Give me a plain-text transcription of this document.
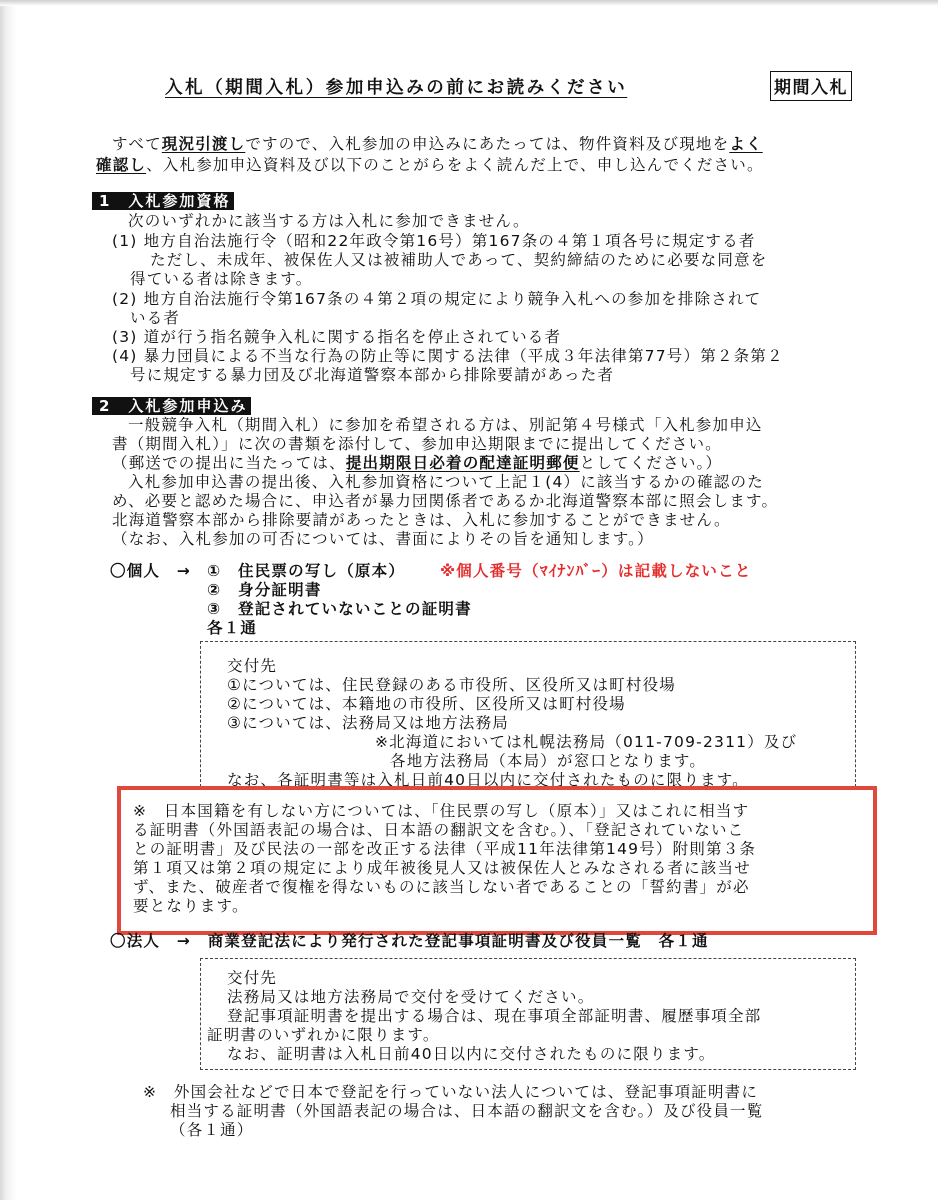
入札（期間入札）参加申込みの前にお読みください	期間入札
すべて現況引渡しですので、入札参加の申込みにあたっては、物件資料及び現地をよく
確認し、入札参加申込資料及び以下のことがらをよく読んだ上で、申し込んでください。
1　入札参加資格
次のいずれかに該当する方は入札に参加できません。
(1) 地方自治法施行令（昭和22年政令第16号）第167条の４第１項各号に規定する者
ただし、未成年、被保佐人又は被補助人であって、契約締結のために必要な同意を
得ている者は除きます。
(2) 地方自治法施行令第167条の４第２項の規定により競争入札への参加を排除されて
いる者
(3) 道が行う指名競争入札に関する指名を停止されている者
(4) 暴力団員による不当な行為の防止等に関する法律（平成３年法律第77号）第２条第２
号に規定する暴力団及び北海道警察本部から排除要請があった者
2　入札参加申込み
一般競争入札（期間入札）に参加を希望される方は、別記第４号様式「入札参加申込
書（期間入札）」に次の書類を添付して、参加申込期限までに提出してください。
（郵送での提出に当たっては、提出期限日必着の配達証明郵便としてください。）
入札参加申込書の提出後、入札参加資格について上記１(4）に該当するかの確認のた
め、必要と認めた場合に、申込者が暴力団関係者であるか北海道警察本部に照会します。
北海道警察本部から排除要請があったときは、入札に参加することができません。
（なお、入札参加の可否については、書面によりその旨を通知します。）
〇個人　→ ①　住民票の写し（原本） ※個人番号（ﾏｲﾅﾝﾊﾞｰ）は記載しないこと
②　身分証明書
③　登記されていないことの証明書
各１通
交付先
①については、住民登録のある市役所、区役所又は町村役場
②については、本籍地の市役所、区役所又は町村役場
③については、法務局又は地方法務局
※北海道においては札幌法務局（011-709-2311）及び
各地方法務局（本局）が窓口となります。
なお、各証明書等は入札日前40日以内に交付されたものに限ります。
※　日本国籍を有しない方については、「住民票の写し（原本）」又はこれに相当す
る証明書（外国語表記の場合は、日本語の翻訳文を含む。）、「登記されていないこ
との証明書」及び民法の一部を改正する法律（平成11年法律第149号）附則第３条
第１項又は第２項の規定により成年被後見人又は被保佐人とみなされる者に該当せ
ず、また、破産者で復権を得ないものに該当しない者であることの「誓約書」が必
要となります。
〇法人　→　商業登記法により発行された登記事項証明書及び役員一覧　各１通
交付先
法務局又は地方法務局で交付を受けてください。
登記事項証明書を提出する場合は、現在事項全部証明書、履歴事項全部
証明書のいずれかに限ります。
なお、証明書は入札日前40日以内に交付されたものに限ります。
※　外国会社などで日本で登記を行っていない法人については、登記事項証明書に
相当する証明書（外国語表記の場合は、日本語の翻訳文を含む。）及び役員一覧
（各１通）
